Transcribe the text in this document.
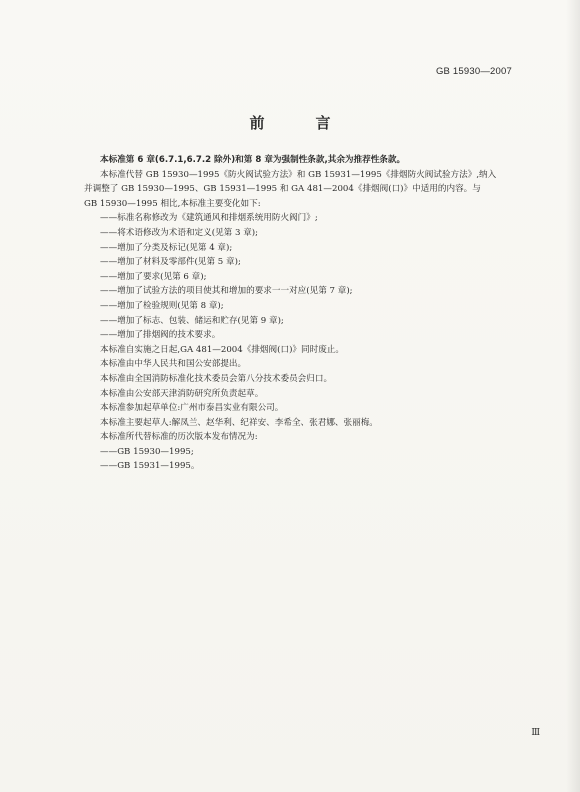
GB 15930—2007
前　言

本标准第 6 章(6.7.1,6.7.2 除外)和第 8 章为强制性条款,其余为推荐性条款。

本标准代替 GB 15930—1995《防火阀试验方法》和 GB 15931—1995《排烟防火阀试验方法》,纳入

并调整了 GB 15930—1995、GB 15931—1995 和 GA 481—2004《排烟阀(口)》中适用的内容。与

GB 15930—1995 相比,本标准主要变化如下:

——标准名称修改为《建筑通风和排烟系统用防火阀门》;

——将术语修改为术语和定义(见第 3 章);

——增加了分类及标记(见第 4 章);

——增加了材料及零部件(见第 5 章);

——增加了要求(见第 6 章);

——增加了试验方法的项目使其和增加的要求一一对应(见第 7 章);

——增加了检验规则(见第 8 章);

——增加了标志、包装、储运和贮存(见第 9 章);

——增加了排烟阀的技术要求。

本标准自实施之日起,GA 481—2004《排烟阀(口)》同时废止。

本标准由中华人民共和国公安部提出。

本标准由全国消防标准化技术委员会第八分技术委员会归口。

本标准由公安部天津消防研究所负责起草。

本标准参加起草单位:广州市泰昌实业有限公司。

本标准主要起草人:解凤兰、赵华利、纪祥安、李希全、张君娜、张丽梅。

本标准所代替标准的历次版本发布情况为:

——GB 15930—1995;

——GB 15931—1995。

Ⅲ
